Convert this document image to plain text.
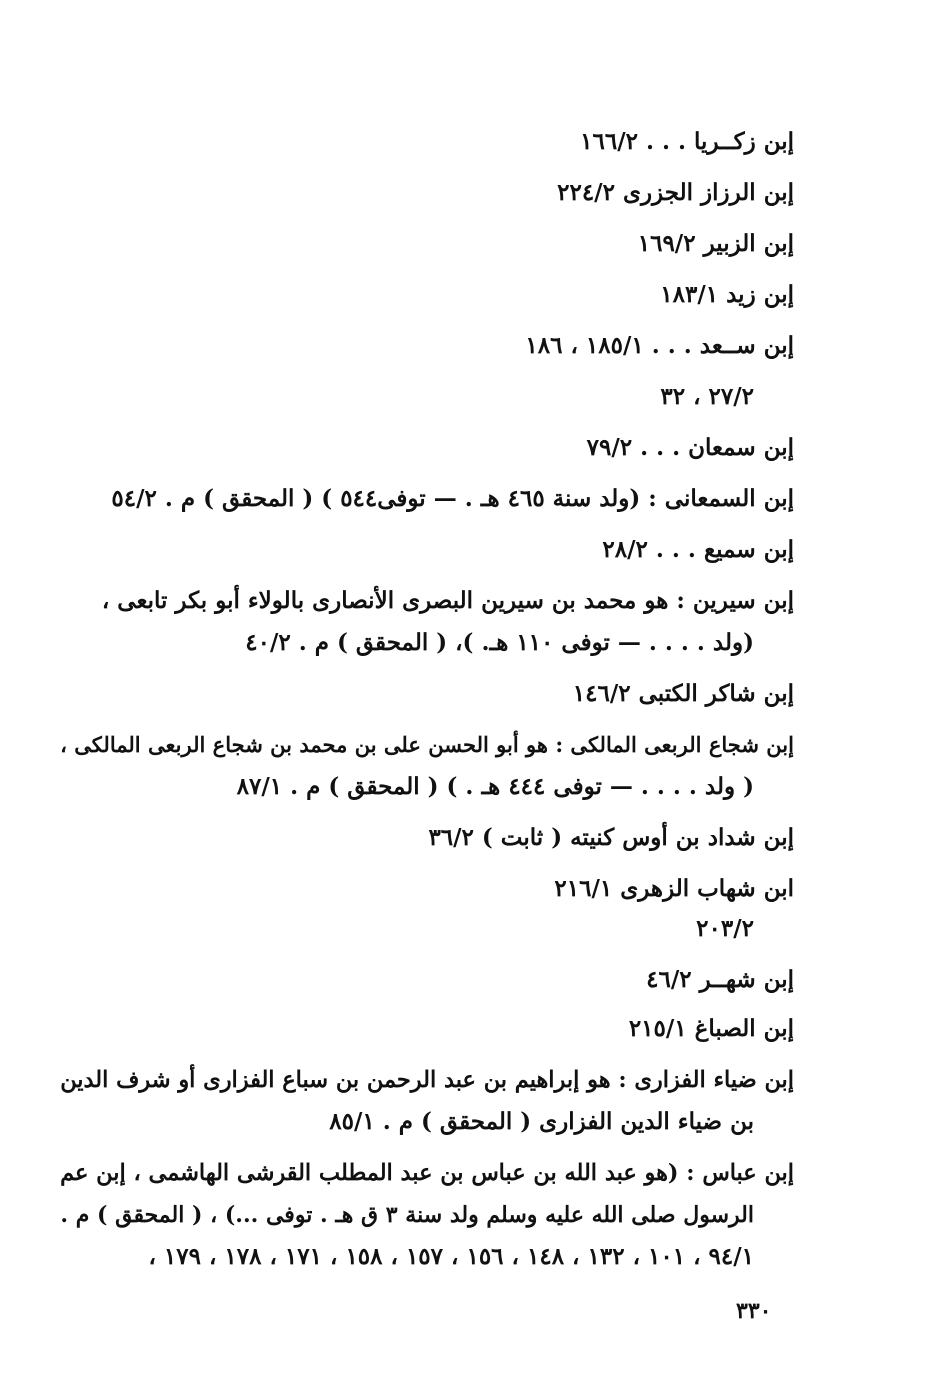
إبن زكــريا . . . ١٦٦/٢
إبن الرزاز الجزرى ٢٢٤/٢
إبن الزبير ١٦٩/٢
إبن زيد ١٨٣/١
إبن ســعد . . . ١٨٥/١ ، ١٨٦
٢٧/٢ ، ٣٢
إبن سمعان . . . ٧٩/٢
إبن السمعانى : (ولد سنة ٤٦٥ هـ . — توفى٥٤٤ ) ( المحقق ) م . ٥٤/٢
إبن سميع . . . ٢٨/٢
إبن سيرين : هو محمد بن سيرين البصرى الأنصارى بالولاء أبو بكر تابعى ،
(ولد . . . . — توفى ١١٠ هـ. )، ( المحقق ) م . ٤٠/٢
إبن شاكر الكتبى ١٤٦/٢
إبن شجاع الربعى المالكى : هو أبو الحسن على بن محمد بن شجاع الربعى المالكى ،
( ولد . . . . — توفى ٤٤٤ هـ . ) ( المحقق ) م . ٨٧/١
إبن شداد بن أوس كنيته ( ثابت ) ٣٦/٢
ابن شهاب الزهرى ٢١٦/١
٢٠٣/٢
إبن شهــر ٤٦/٢
إبن الصباغ ٢١٥/١
إبن ضياء الفزارى : هو إبراهيم بن عبد الرحمن بن سباع الفزارى أو شرف الدين
بن ضياء الدين الفزارى ( المحقق ) م . ٨٥/١
إبن عباس : (هو عبد الله بن عباس بن عبد المطلب القرشى الهاشمى ، إبن عم
الرسول صلى الله عليه وسلم ولد سنة ٣ ق هـ . توفى ...) ، ( المحقق ) م .
٩٤/١ ، ١٠١ ، ١٣٢ ، ١٤٨ ، ١٥٦ ، ١٥٧ ، ١٥٨ ، ١٧١ ، ١٧٨ ، ١٧٩ ،
٣٣٠
